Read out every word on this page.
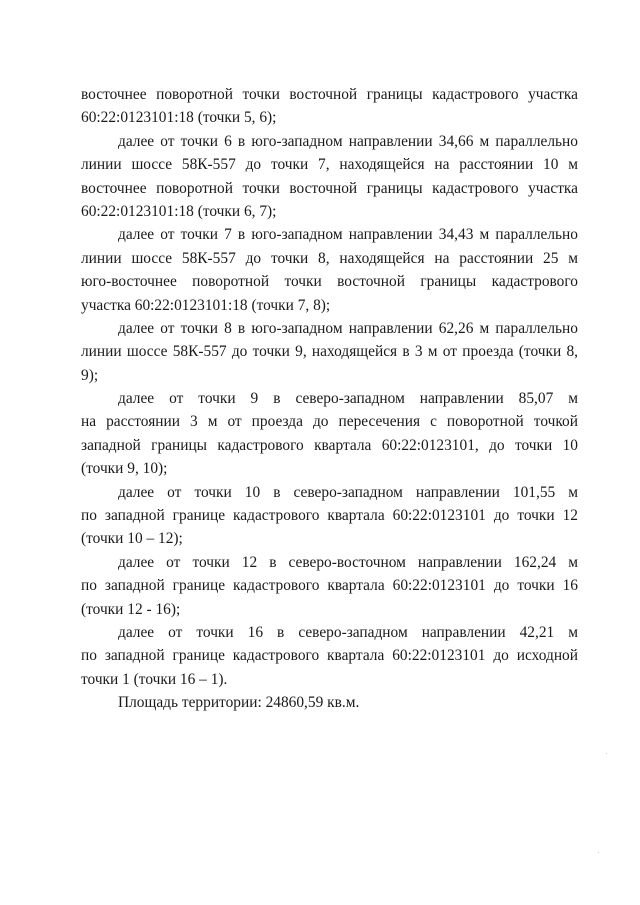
восточнее поворотной точки восточной границы кадастрового участка
60:22:0123101:18 (точки 5, 6);
далее от точки 6 в юго-западном направлении 34,66 м параллельно
линии шоссе 58К-557 до точки 7, находящейся на расстоянии 10 м
восточнее поворотной точки восточной границы кадастрового участка
60:22:0123101:18 (точки 6, 7);
далее от точки 7 в юго-западном направлении 34,43 м параллельно
линии шоссе 58К-557 до точки 8, находящейся на расстоянии 25 м
юго-восточнее поворотной точки восточной границы кадастрового
участка 60:22:0123101:18 (точки 7, 8);
далее от точки 8 в юго-западном направлении 62,26 м параллельно
линии шоссе 58К-557 до точки 9, находящейся в 3 м от проезда (точки 8,
9);
далее от точки 9 в северо-западном направлении 85,07 м
на расстоянии 3 м от проезда до пересечения с поворотной точкой
западной границы кадастрового квартала 60:22:0123101, до точки 10
(точки 9, 10);
далее от точки 10 в северо-западном направлении 101,55 м
по западной границе кадастрового квартала 60:22:0123101 до точки 12
(точки 10 – 12);
далее от точки 12 в северо-восточном направлении 162,24 м
по западной границе кадастрового квартала 60:22:0123101 до точки 16
(точки 12 - 16);
далее от точки 16 в северо-западном направлении 42,21 м
по западной границе кадастрового квартала 60:22:0123101 до исходной
точки 1 (точки 16 – 1).
Площадь территории: 24860,59 кв.м.
